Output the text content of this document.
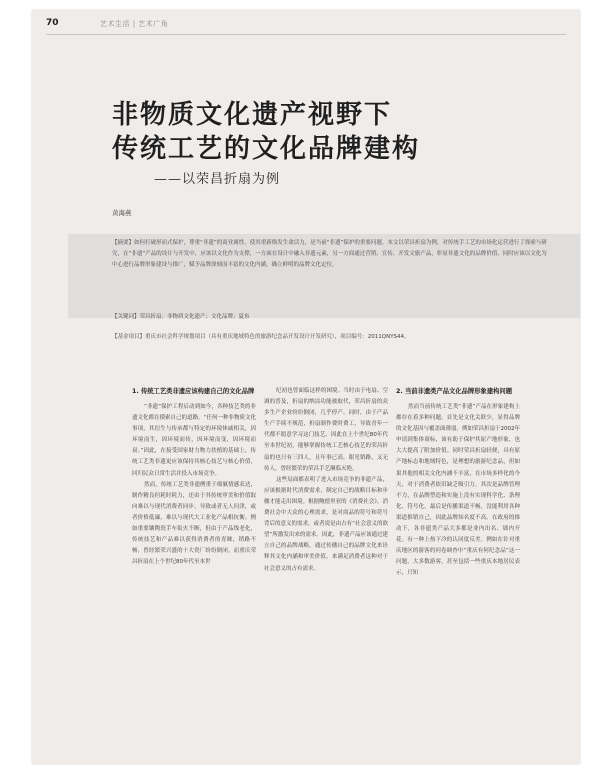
70	艺术生活 | 艺术广角
非物质文化遗产视野下
传统工艺的文化品牌建构
——以荣昌折扇为例
黄海燕
【摘要】如何打破形而式保护，尊重“非遗”的商业属性，使其重新焕发生命活力，是当前“非遗”保护的重要问题。本文以荣昌折扇为例，对传统手工艺的市场化运营进行了探索与研究，在“非遗”产品的设计与开发中，应该以文化作为支撑，一方面在设计中融入非遗元素，另一方面通过营销、宣传、开发文旅产品，彰显非遗文化的品牌价值，同时应该以文化为中心进行品牌形象建设与推广，赋予品牌深刻而丰富的文化内涵，确立鲜明的品牌文化定位。
【关键词】荣昌折扇；非物质文化遗产；文化品牌；夏布
【基金项目】重庆市社会科学规划项目（具有重庆地域特色的旅游纪念品开发设计开发研究），项目编号：2011QNYS44。
1. 传统工艺类非遗应该构建自己的文化品牌

“非遗”保护工程启动到如今，各种技艺类的非遗文化都在摸索自己的道路。“任何一种非物质文化事项，其衍生与传承都与特定的环境休戚相关，因环境而生，因环境而传，因环境而变，因环境而衰。”因此，在接受国家财力物力扶植的基础上，传统工艺类非遗更应该保持其核心技艺与核心价值，回归民众日常生活并投入市场竞争。

然而，传统工艺类非遗例重于细腻情感表达，制作精良但耗时耗力，还由于其传统审美和价值取向难以与现代消费者同步，导致或者无人问津，或者价格低廉，难以与现代大工业化产品相抗衡。例如重要镶陶瓷手车街火不断，但由于产品线老化，传统技艺和产品难以获得消费者的青睐，销路不畅，曾经繁荣兴盛的十大瓷厂纷纷倒闭。而重庆荣昌折扇在上个世纪80年代至本世

纪初也曾面临这样的困境。当时由于电扇、空调的普及，折扇的纳凉功能被取代，荣昌折扇的众多生产企业纷纷倒闭，几乎停产。同时，由于产品生产手续不规范，折扇制作费时费工，导致青年一代都不愿意学习这门技艺。因此在上个世纪80年代至本世纪初，能够掌握传统工艺核心技艺的荣昌折扇的也只有三四人，且年事已高。眼见销路，又无传人，曾经繁荣的荣昌手艺濒临灭绝。

这些局面都表明了进入市场竞争的非遗产品，应该根据时代消费需求，制定自己的战略目标和步骤才能走出困境。根据鲍德里亚的《消费社会》，消费社会中大众的心理需求，是对商品的符号和符号背后的意义的需求，或者说是由占有“社会意义的欲望”所激发出来的需求。因此，非遗产品应该通过建立自己的品牌战略，通过传播自己的品牌文化来诠释其文化内涵和审美价值，来满足消费者这种对于社会意义的占有需求。

2. 当前非遗类产品文化品牌形象建构问题

然而当前传统工艺类“非遗”产品在形象建构上都存在着多种问题。首先是文化关联少，显得品牌的文化基因与覆盖面薄弱。例如荣昌折扇于2002年申请到集体商标，该有助于保护其原产地形象，也大大提高了附加价值。同时荣昌折扇轻便，具有原产地标志和地域特色，是理想的旅游纪念品，但如果其他的相关文化内涵不丰富，在市场多样化的今天，对于消费者依旧缺乏吸引力。其次是品牌管理不力，在品牌塑造和实施上没有实现科学化、条理化、符号化。最后是传播渠道不畅，没能利用各种渠道推销自己，因此品牌知名度不高。在政府的推动下，各非遗类产品大多都是业内出名、墙内开花。有一种上热下冷的认同度反差。例如在针对重庆地区的游客的问卷调查中“重庆有何纪念品”这一问题，大多数游客，甚至包括一些重庆本地居民表示，只知
